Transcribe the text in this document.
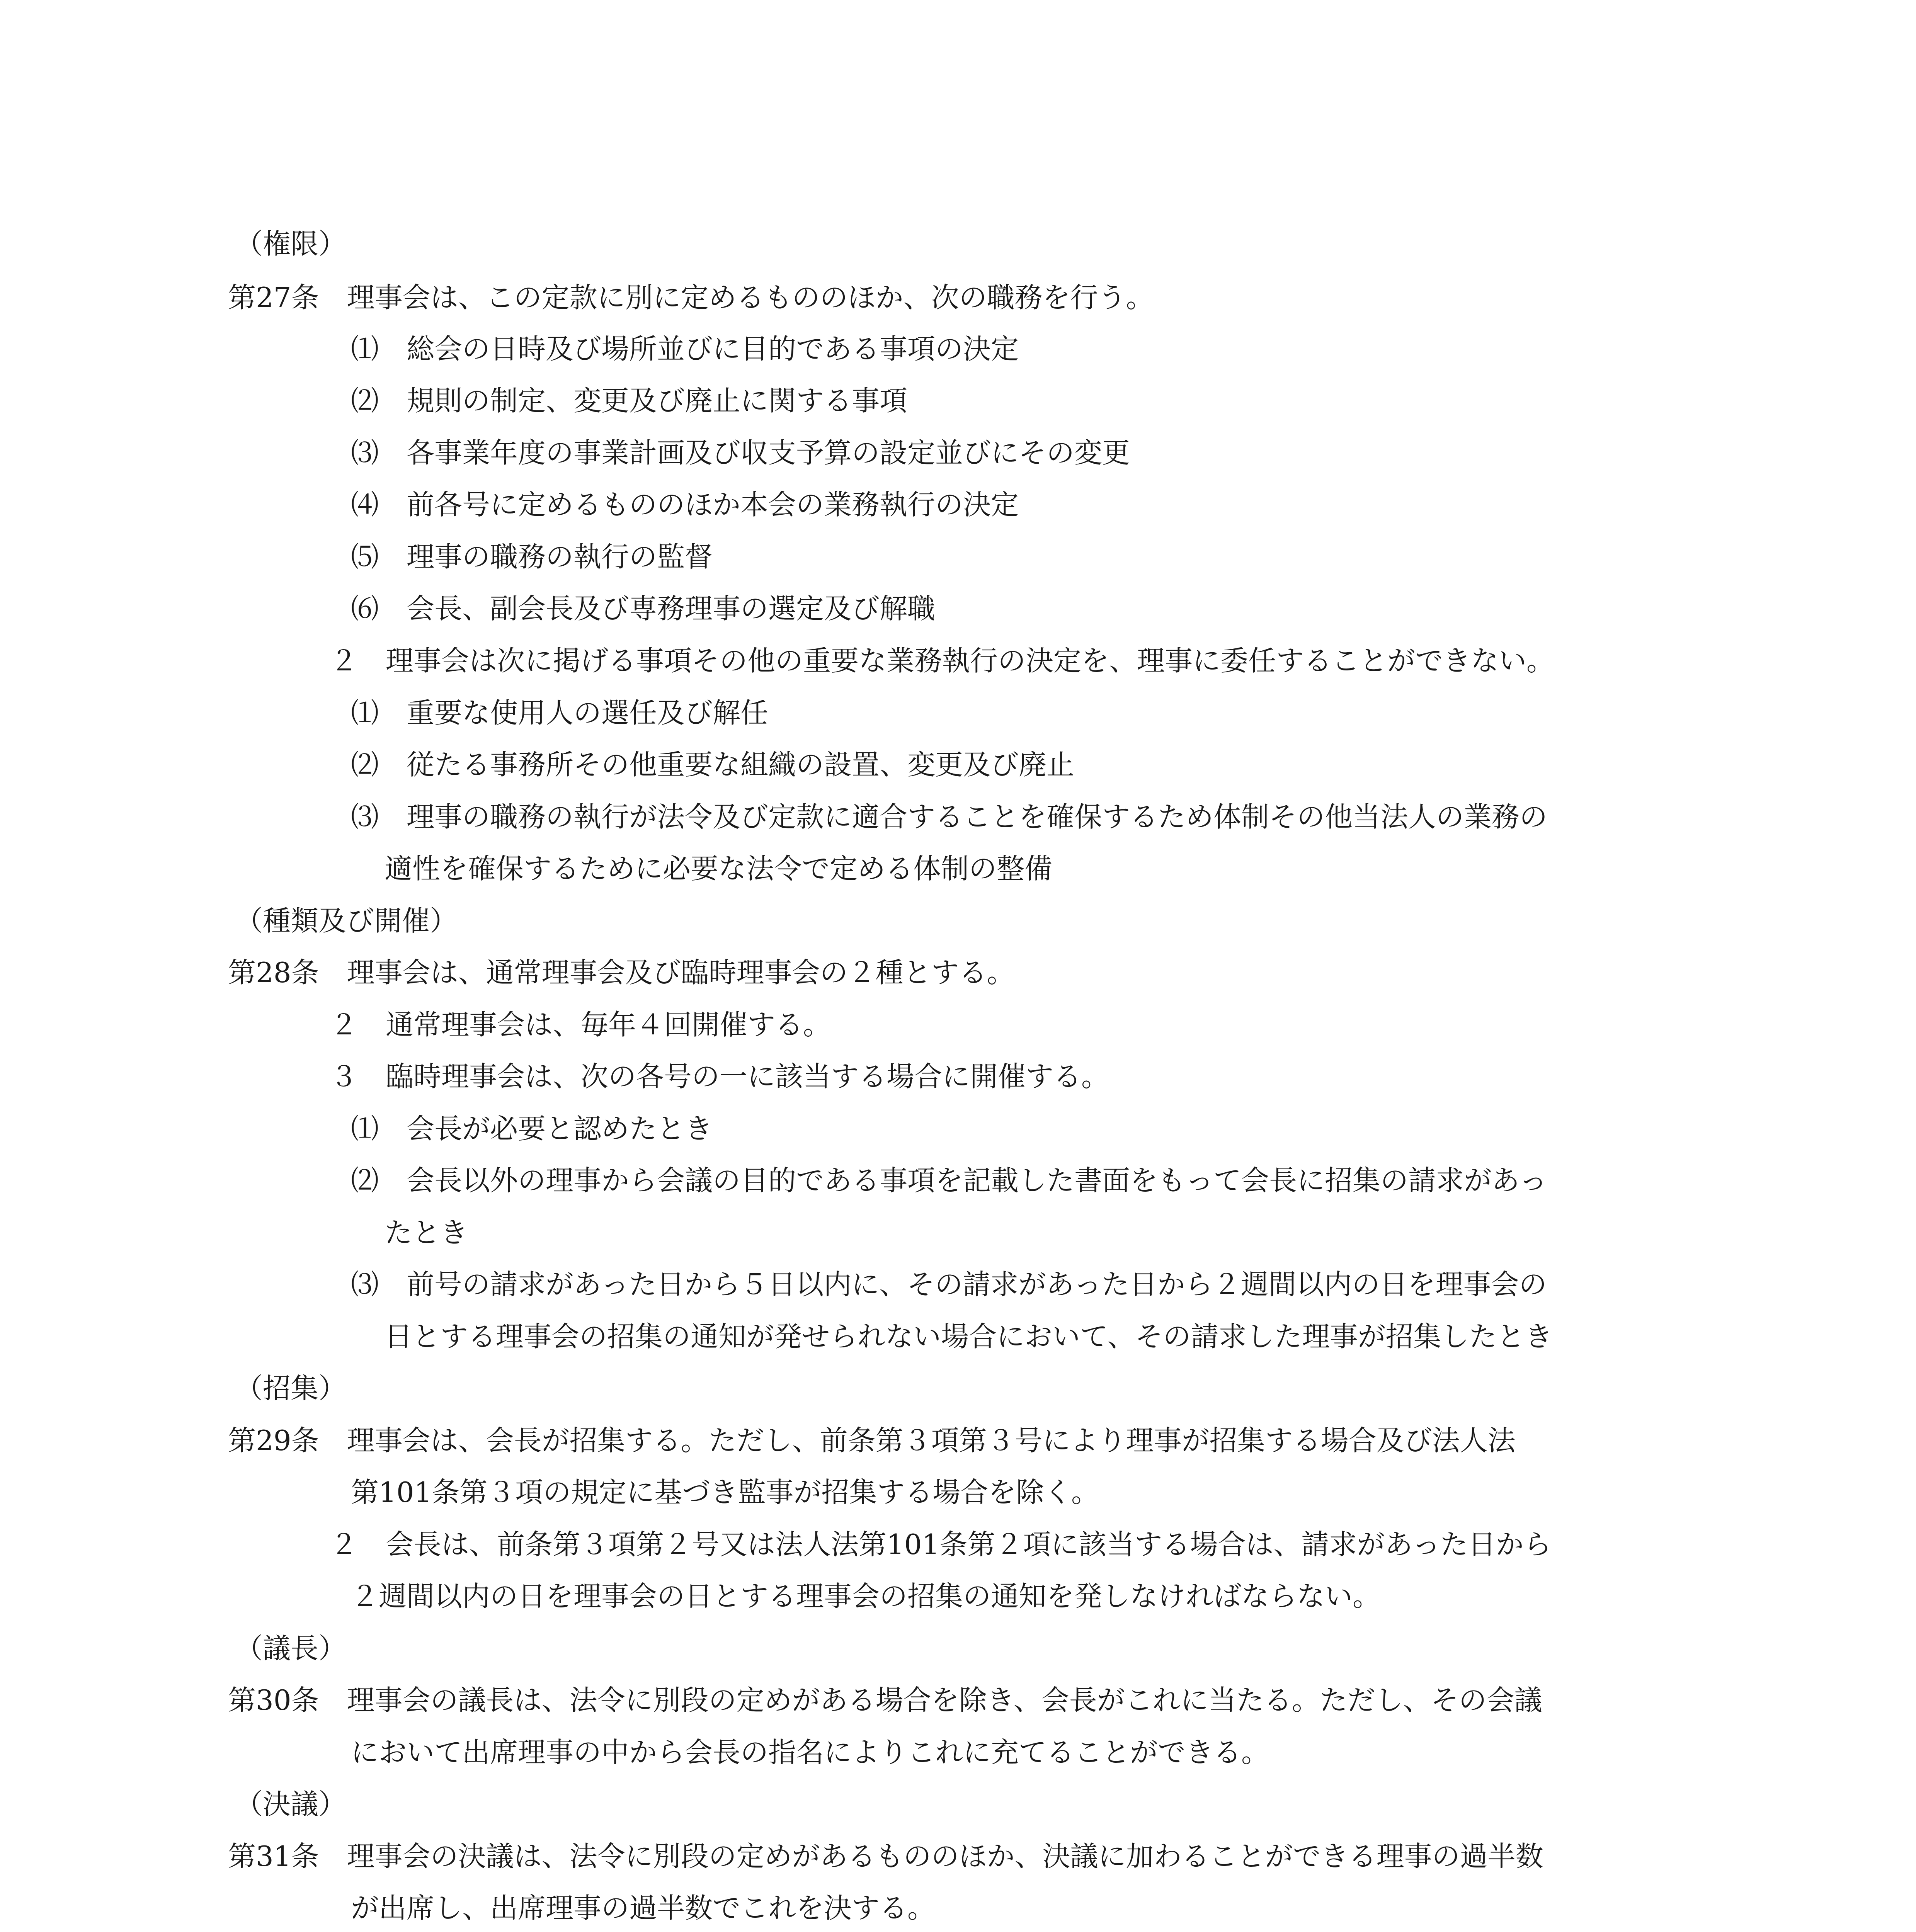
（権限）
第27条　理事会は、この定款に別に定めるもののほか、次の職務を行う。
⑴　総会の日時及び場所並びに目的である事項の決定
⑵　規則の制定、変更及び廃止に関する事項
⑶　各事業年度の事業計画及び収支予算の設定並びにその変更
⑷　前各号に定めるもののほか本会の業務執行の決定
⑸　理事の職務の執行の監督
⑹　会長、副会長及び専務理事の選定及び解職
２　理事会は次に掲げる事項その他の重要な業務執行の決定を、理事に委任することができない。
⑴　重要な使用人の選任及び解任
⑵　従たる事務所その他重要な組織の設置、変更及び廃止
⑶　理事の職務の執行が法令及び定款に適合することを確保するため体制その他当法人の業務の
適性を確保するために必要な法令で定める体制の整備
（種類及び開催）
第28条　理事会は、通常理事会及び臨時理事会の２種とする。
２　通常理事会は、毎年４回開催する。
３　臨時理事会は、次の各号の一に該当する場合に開催する。
⑴　会長が必要と認めたとき
⑵　会長以外の理事から会議の目的である事項を記載した書面をもって会長に招集の請求があっ
たとき
⑶　前号の請求があった日から５日以内に、その請求があった日から２週間以内の日を理事会の
日とする理事会の招集の通知が発せられない場合において、その請求した理事が招集したとき
（招集）
第29条　理事会は、会長が招集する。ただし、前条第３項第３号により理事が招集する場合及び法人法
第101条第３項の規定に基づき監事が招集する場合を除く。
２　会長は、前条第３項第２号又は法人法第101条第２項に該当する場合は、請求があった日から
２週間以内の日を理事会の日とする理事会の招集の通知を発しなければならない。
（議長）
第30条　理事会の議長は、法令に別段の定めがある場合を除き、会長がこれに当たる。ただし、その会議
において出席理事の中から会長の指名によりこれに充てることができる。
（決議）
第31条　理事会の決議は、法令に別段の定めがあるもののほか、決議に加わることができる理事の過半数
が出席し、出席理事の過半数でこれを決する。
